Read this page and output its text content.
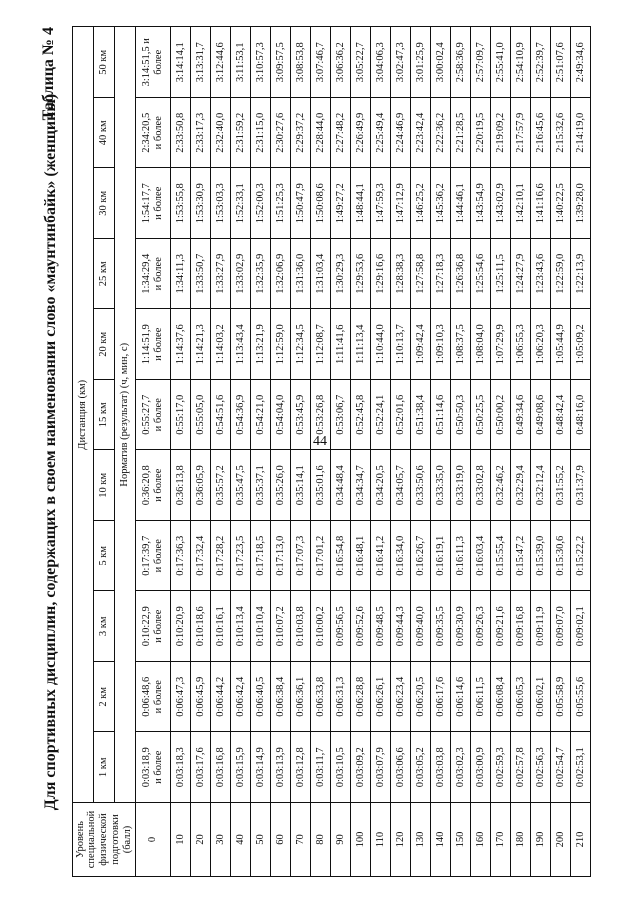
44
Для спортивных дисциплин, содержащих в своем наименовании слово «маунтинбайк» (женщины)
Таблица № 4
Уровень специальной физической подготовки (балл)	Дистанция (км)										
	1 км	2 км	3 км	5 км	10 км	15 км	20 км	25 км	30 км	40 км	50 км
	Норматив (результат) (ч, мин, с)										
0	0:03:18,9 и более	0:06:48,6 и более	0:10:22,9 и более	0:17:39,7 и более	0:36:20,8 и более	0:55:27,7 и более	1:14:51,9 и более	1:34:29,4 и более	1:54:17,7 и более	2:34:20,5 и более	3:14:51,5 и более

10	0:03:18,3	0:06:47,3	0:10:20,9	0:17:36,3	0:36:13,8	0:55:17,0	1:14:37,6	1:34:11,3	1:53:55,8	2:33:50,8	3:14:14,1
20	0:03:17,6	0:06:45,9	0:10:18,6	0:17:32,4	0:36:05,9	0:55:05,0	1:14:21,3	1:33:50,7	1:53:30,9	2:33:17,3	3:13:31,7
30	0:03:16,8	0:06:44,2	0:10:16,1	0:17:28,2	0:35:57,2	0:54:51,6	1:14:03,2	1:33:27,9	1:53:03,3	2:32:40,0	3:12:44,6
40	0:03:15,9	0:06:42,4	0:10:13,4	0:17:23,5	0:35:47,5	0:54:36,9	1:13:43,4	1:33:02,9	1:52:33,1	2:31:59,2	3:11:53,1
50	0:03:14,9	0:06:40,5	0:10:10,4	0:17:18,5	0:35:37,1	0:54:21,0	1:13:21,9	1:32:35,9	1:52:00,3	2:31:15,0	3:10:57,3
60	0:03:13,9	0:06:38,4	0:10:07,2	0:17:13,0	0:35:26,0	0:54:04,0	1:12:59,0	1:32:06,9	1:51:25,3	2:30:27,6	3:09:57,5
70	0:03:12,8	0:06:36,1	0:10:03,8	0:17:07,3	0:35:14,1	0:53:45,9	1:12:34,5	1:31:36,0	1:50:47,9	2:29:37,2	3:08:53,8
80	0:03:11,7	0:06:33,8	0:10:00,2	0:17:01,2	0:35:01,6	0:53:26,8	1:12:08,7	1:31:03,4	1:50:08,6	2:28:44,0	3:07:46,7
90	0:03:10,5	0:06:31,3	0:09:56,5	0:16:54,8	0:34:48,4	0:53:06,7	1:11:41,6	1:30:29,3	1:49:27,2	2:27:48,2	3:06:36,2
100	0:03:09,2	0:06:28,8	0:09:52,6	0:16:48,1	0:34:34,7	0:52:45,8	1:11:13,4	1:29:53,6	1:48:44,1	2:26:49,9	3:05:22,7
110	0:03:07,9	0:06:26,1	0:09:48,5	0:16:41,2	0:34:20,5	0:52:24,1	1:10:44,0	1:29:16,6	1:47:59,3	2:25:49,4	3:04:06,3
120	0:03:06,6	0:06:23,4	0:09:44,3	0:16:34,0	0:34:05,7	0:52:01,6	1:10:13,7	1:28:38,3	1:47:12,9	2:24:46,9	3:02:47,3
130	0:03:05,2	0:06:20,5	0:09:40,0	0:16:26,7	0:33:50,6	0:51:38,4	1:09:42,4	1:27:58,8	1:46:25,2	2:23:42,4	3:01:25,9
140	0:03:03,8	0:06:17,6	0:09:35,5	0:16:19,1	0:33:35,0	0:51:14,6	1:09:10,3	1:27:18,3	1:45:36,2	2:22:36,2	3:00:02,4
150	0:03:02,3	0:06:14,6	0:09:30,9	0:16:11,3	0:33:19,0	0:50:50,3	1:08:37,5	1:26:36,8	1:44:46,1	2:21:28,5	2:58:36,9
160	0:03:00,9	0:06:11,5	0:09:26,3	0:16:03,4	0:33:02,8	0:50:25,5	1:08:04,0	1:25:54,6	1:43:54,9	2:20:19,5	2:57:09,7
170	0:02:59,3	0:06:08,4	0:09:21,6	0:15:55,4	0:32:46,2	0:50:00,2	1:07:29,9	1:25:11,5	1:43:02,9	2:19:09,2	2:55:41,0
180	0:02:57,8	0:06:05,3	0:09:16,8	0:15:47,2	0:32:29,4	0:49:34,6	1:06:55,3	1:24:27,9	1:42:10,1	2:17:57,9	2:54:10,9
190	0:02:56,3	0:06:02,1	0:09:11,9	0:15:39,0	0:32:12,4	0:49:08,6	1:06:20,3	1:23:43,6	1:41:16,6	2:16:45,6	2:52:39,7
200	0:02:54,7	0:05:58,9	0:09:07,0	0:15:30,6	0:31:55,2	0:48:42,4	1:05:44,9	1:22:59,0	1:40:22,5	2:15:32,6	2:51:07,6
210	0:02:53,1	0:05:55,6	0:09:02,1	0:15:22,2	0:31:37,9	0:48:16,0	1:05:09,2	1:22:13,9	1:39:28,0	2:14:19,0	2:49:34,6
